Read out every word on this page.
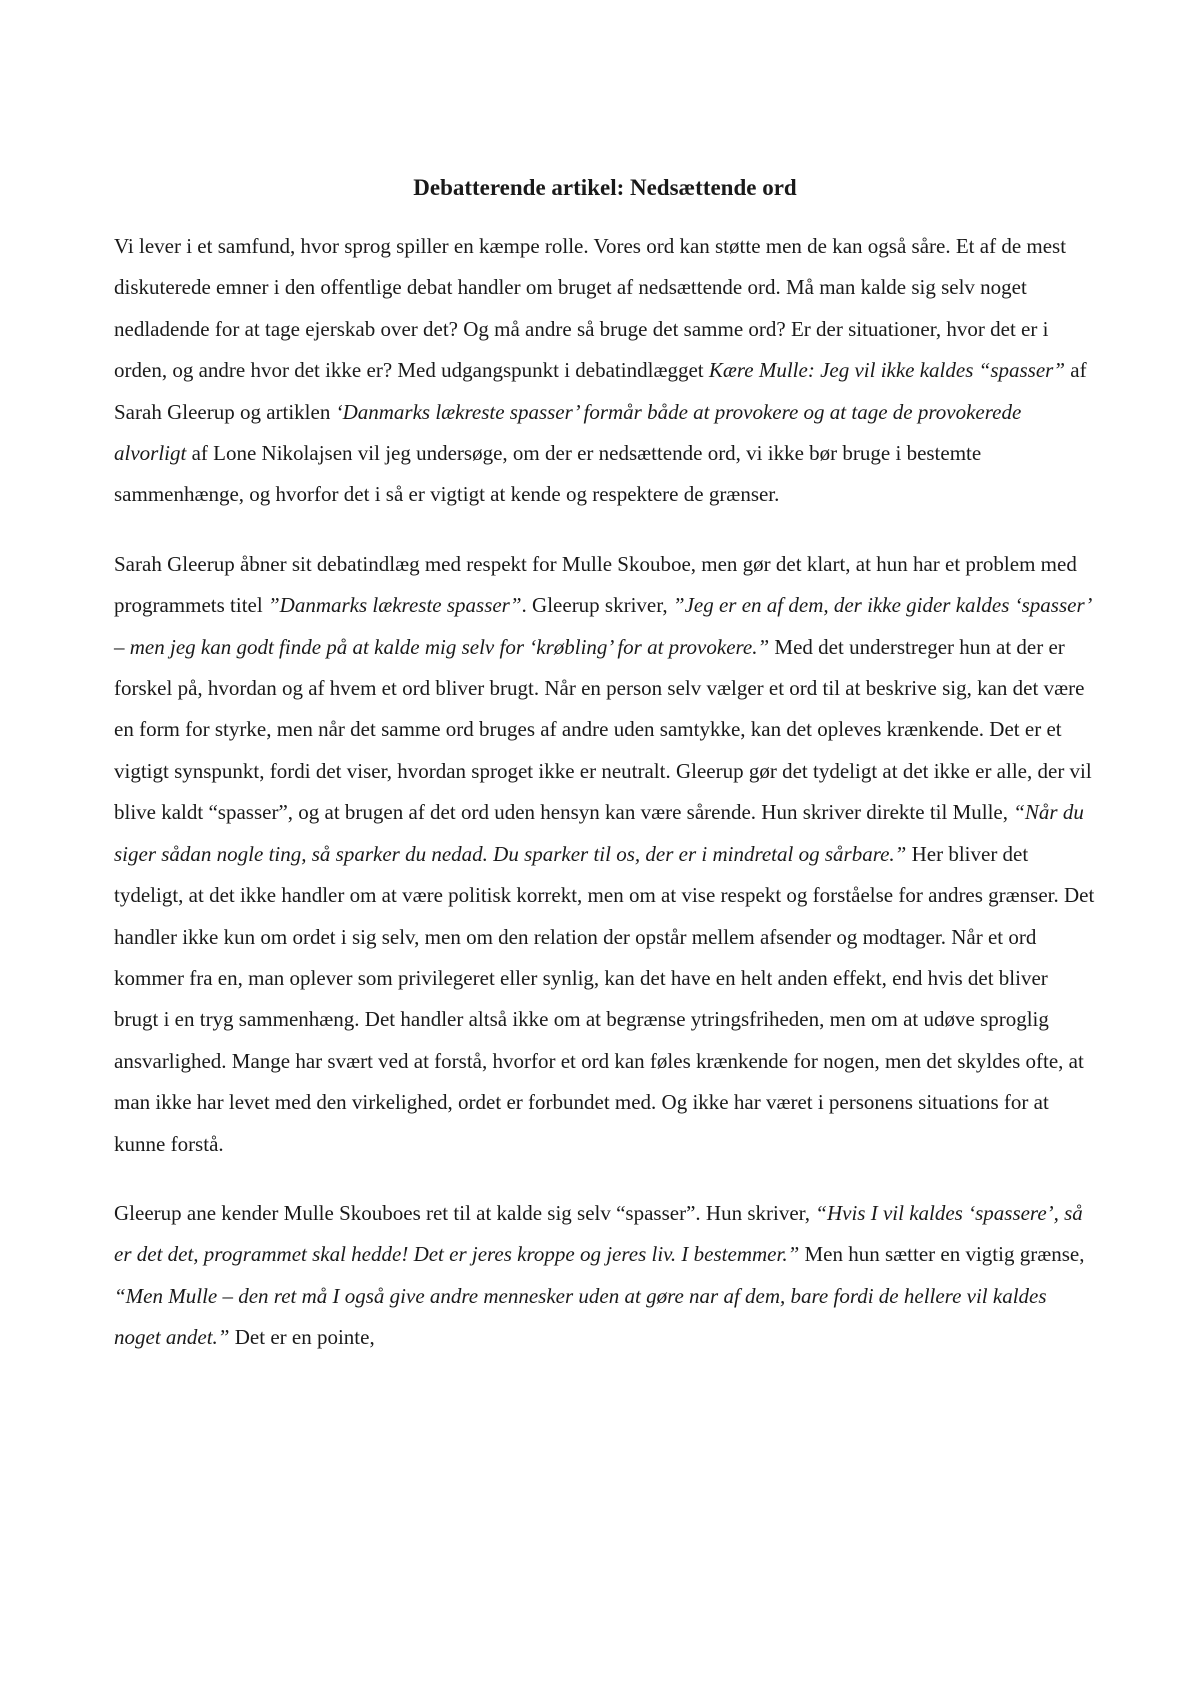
Debatterende artikel: Nedsættende ord

Vi lever i et samfund, hvor sprog spiller en kæmpe rolle. Vores ord kan støtte men de kan også såre. Et af de mest diskuterede emner i den offentlige debat handler om bruget af nedsættende ord. Må man kalde sig selv noget nedladende for at tage ejerskab over det? Og må andre så bruge det samme ord? Er der situationer, hvor det er i orden, og andre hvor det ikke er? Med udgangspunkt i debatindlægget Kære Mulle: Jeg vil ikke kaldes “spasser” af Sarah Gleerup og artiklen ‘Danmarks lækreste spasser’ formår både at provokere og at tage de provokerede alvorligt af Lone Nikolajsen vil jeg undersøge, om der er nedsættende ord, vi ikke bør bruge i bestemte sammenhænge, og hvorfor det i så er vigtigt at kende og respektere de grænser.

Sarah Gleerup åbner sit debatindlæg med respekt for Mulle Skouboe, men gør det klart, at hun har et problem med programmets titel ”Danmarks lækreste spasser”. Gleerup skriver, ”Jeg er en af dem, der ikke gider kaldes ‘spasser’ – men jeg kan godt finde på at kalde mig selv for ‘krøbling’ for at provokere.” Med det understreger hun at der er forskel på, hvordan og af hvem et ord bliver brugt. Når en person selv vælger et ord til at beskrive sig, kan det være en form for styrke, men når det samme ord bruges af andre uden samtykke, kan det opleves krænkende. Det er et vigtigt synspunkt, fordi det viser, hvordan sproget ikke er neutralt. Gleerup gør det tydeligt at det ikke er alle, der vil blive kaldt “spasser”, og at brugen af det ord uden hensyn kan være sårende. Hun skriver direkte til Mulle, “Når du siger sådan nogle ting, så sparker du nedad. Du sparker til os, der er i mindretal og sårbare.” Her bliver det tydeligt, at det ikke handler om at være politisk korrekt, men om at vise respekt og forståelse for andres grænser. Det handler ikke kun om ordet i sig selv, men om den relation der opstår mellem afsender og modtager. Når et ord kommer fra en, man oplever som privilegeret eller synlig, kan det have en helt anden effekt, end hvis det bliver brugt i en tryg sammenhæng. Det handler altså ikke om at begrænse ytringsfriheden, men om at udøve sproglig ansvarlighed. Mange har svært ved at forstå, hvorfor et ord kan føles krænkende for nogen, men det skyldes ofte, at man ikke har levet med den virkelighed, ordet er forbundet med. Og ikke har været i personens situations for at kunne forstå.

Gleerup ane kender Mulle Skouboes ret til at kalde sig selv “spasser”. Hun skriver, “Hvis I vil kaldes ‘spassere’, så er det det, programmet skal hedde! Det er jeres kroppe og jeres liv. I bestemmer.” Men hun sætter en vigtig grænse, “Men Mulle – den ret må I også give andre mennesker uden at gøre nar af dem, bare fordi de hellere vil kaldes noget andet.” Det er en pointe,
